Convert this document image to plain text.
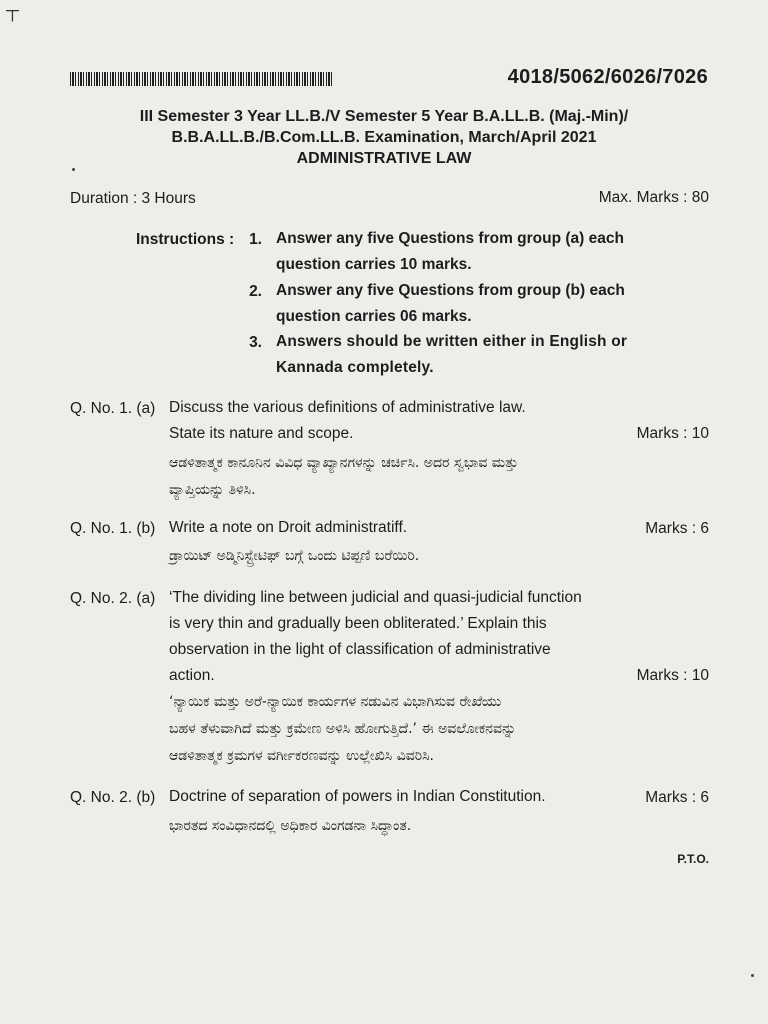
┬
4018/5062/6026/7026
III Semester 3 Year LL.B./V Semester 5 Year B.A.LL.B. (Maj.-Min)/
B.B.A.LL.B./B.Com.LL.B. Examination, March/April 2021
ADMINISTRATIVE LAW
Duration : 3 Hours	Max. Marks : 80
Instructions : 1. Answer any five Questions from group (a) each
question carries 10 marks.
2. Answer any five Questions from group (b) each
question carries 06 marks.
3. Answers should be written either in English or
Kannada completely.
Q. No. 1. (a) Discuss the various definitions of administrative law.
State its nature and scope.	Marks : 10
ಆಡಳಿತಾತ್ಮಕ ಕಾನೂನಿನ ವಿವಿಧ ವ್ಯಾಖ್ಯಾನಗಳನ್ನು ಚರ್ಚಿಸಿ. ಅದರ ಸ್ವಭಾವ ಮತ್ತು
ವ್ಯಾಪ್ತಿಯನ್ನು ತಿಳಿಸಿ.
Q. No. 1. (b) Write a note on Droit administratiff.	Marks : 6
ಡ್ರಾಯಿಟ್ ಅಡ್ಮಿನಿಸ್ಟ್ರೇಟಿಫ್ ಬಗ್ಗೆ ಒಂದು ಟಿಪ್ಪಣಿ ಬರೆಯಿರಿ.
Q. No. 2. (a) ‘The dividing line between judicial and quasi-judicial function
is very thin and gradually been obliterated.’ Explain this
observation in the light of classification of administrative
action.	Marks : 10
‘ನ್ಯಾಯಿಕ ಮತ್ತು ಅರೆ-ನ್ಯಾಯಿಕ ಕಾರ್ಯಗಳ ನಡುವಿನ ವಿಭಾಗಿಸುವ ರೇಖೆಯು
ಬಹಳ ತೆಳುವಾಗಿದೆ ಮತ್ತು ಕ್ರಮೇಣ ಅಳಿಸಿ ಹೋಗುತ್ತಿದೆ.’ ಈ ಅವಲೋಕನವನ್ನು
ಆಡಳಿತಾತ್ಮಕ ಕ್ರಮಗಳ ವರ್ಗೀಕರಣವನ್ನು ಉಲ್ಲೇಖಿಸಿ ವಿವರಿಸಿ.
Q. No. 2. (b) Doctrine of separation of powers in Indian Constitution.	Marks : 6
ಭಾರತದ ಸಂವಿಧಾನದಲ್ಲಿ ಅಧಿಕಾರ ವಿಂಗಡನಾ ಸಿದ್ಧಾಂತ.
P.T.O.
